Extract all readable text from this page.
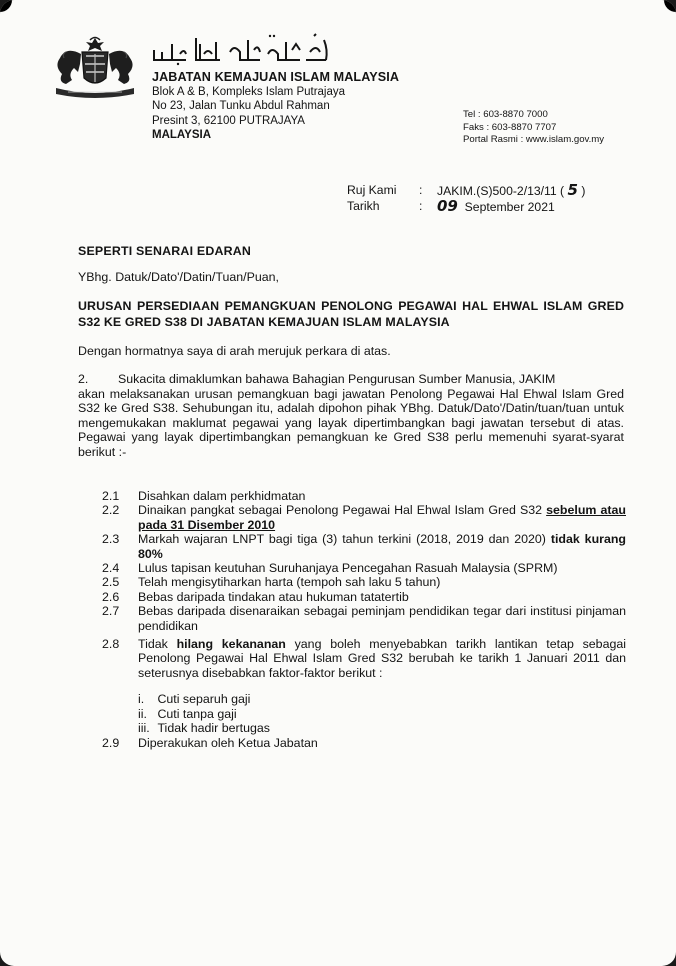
JABATAN KEMAJUAN ISLAM MALAYSIA
Blok A & B, Kompleks Islam Putrajaya
No 23, Jalan Tunku Abdul Rahman
Presint 3, 62100 PUTRAJAYA
MALAYSIA
Tel : 603-8870 7000
Faks : 603-8870 7707
Portal Rasmi : www.islam.gov.my
Ruj Kami	:	JAKIM.(S)500-2/13/11 ( 5 )
Tarikh	: 09 September 2021
SEPERTI SENARAI EDARAN
YBhg. Datuk/Dato'/Datin/Tuan/Puan,
URUSAN PERSEDIAAN PEMANGKUAN PENOLONG PEGAWAI HAL EHWAL ISLAM GRED S32 KE GRED S38 DI JABATAN KEMAJUAN ISLAM MALAYSIA
Dengan hormatnya saya di arah merujuk perkara di atas.
2.	Sukacita dimaklumkan bahawa Bahagian Pengurusan Sumber Manusia, JAKIM
akan melaksanakan urusan pemangkuan bagi jawatan Penolong Pegawai Hal Ehwal Islam Gred S32 ke Gred S38. Sehubungan itu, adalah dipohon pihak YBhg. Datuk/Dato'/Datin/tuan/tuan untuk mengemukakan maklumat pegawai yang layak dipertimbangkan bagi jawatan tersebut di atas. Pegawai yang layak dipertimbangkan pemangkuan ke Gred S38 perlu memenuhi syarat-syarat berikut :-
2.1	Disahkan dalam perkhidmatan
2.2	Dinaikan pangkat sebagai Penolong Pegawai Hal Ehwal Islam Gred S32 sebelum atau pada 31 Disember 2010
2.3	Markah wajaran LNPT bagi tiga (3) tahun terkini (2018, 2019 dan 2020) tidak kurang 80%
2.4	Lulus tapisan keutuhan Suruhanjaya Pencegahan Rasuah Malaysia (SPRM)
2.5	Telah mengisytiharkan harta (tempoh sah laku 5 tahun)
2.6	Bebas daripada tindakan atau hukuman tatatertib
2.7	Bebas daripada disenaraikan sebagai peminjam pendidikan tegar dari institusi pinjaman pendidikan
2.8	Tidak hilang kekananan yang boleh menyebabkan tarikh lantikan tetap sebagai Penolong Pegawai Hal Ehwal Islam Gred S32 berubah ke tarikh 1 Januari 2011 dan seterusnya disebabkan faktor-faktor berikut :
i.
	Cuti separuh gaji
ii.
Cuti tanpa gaji
iii.
Tidak hadir bertugas
2.9	Diperakukan oleh Ketua Jabatan
